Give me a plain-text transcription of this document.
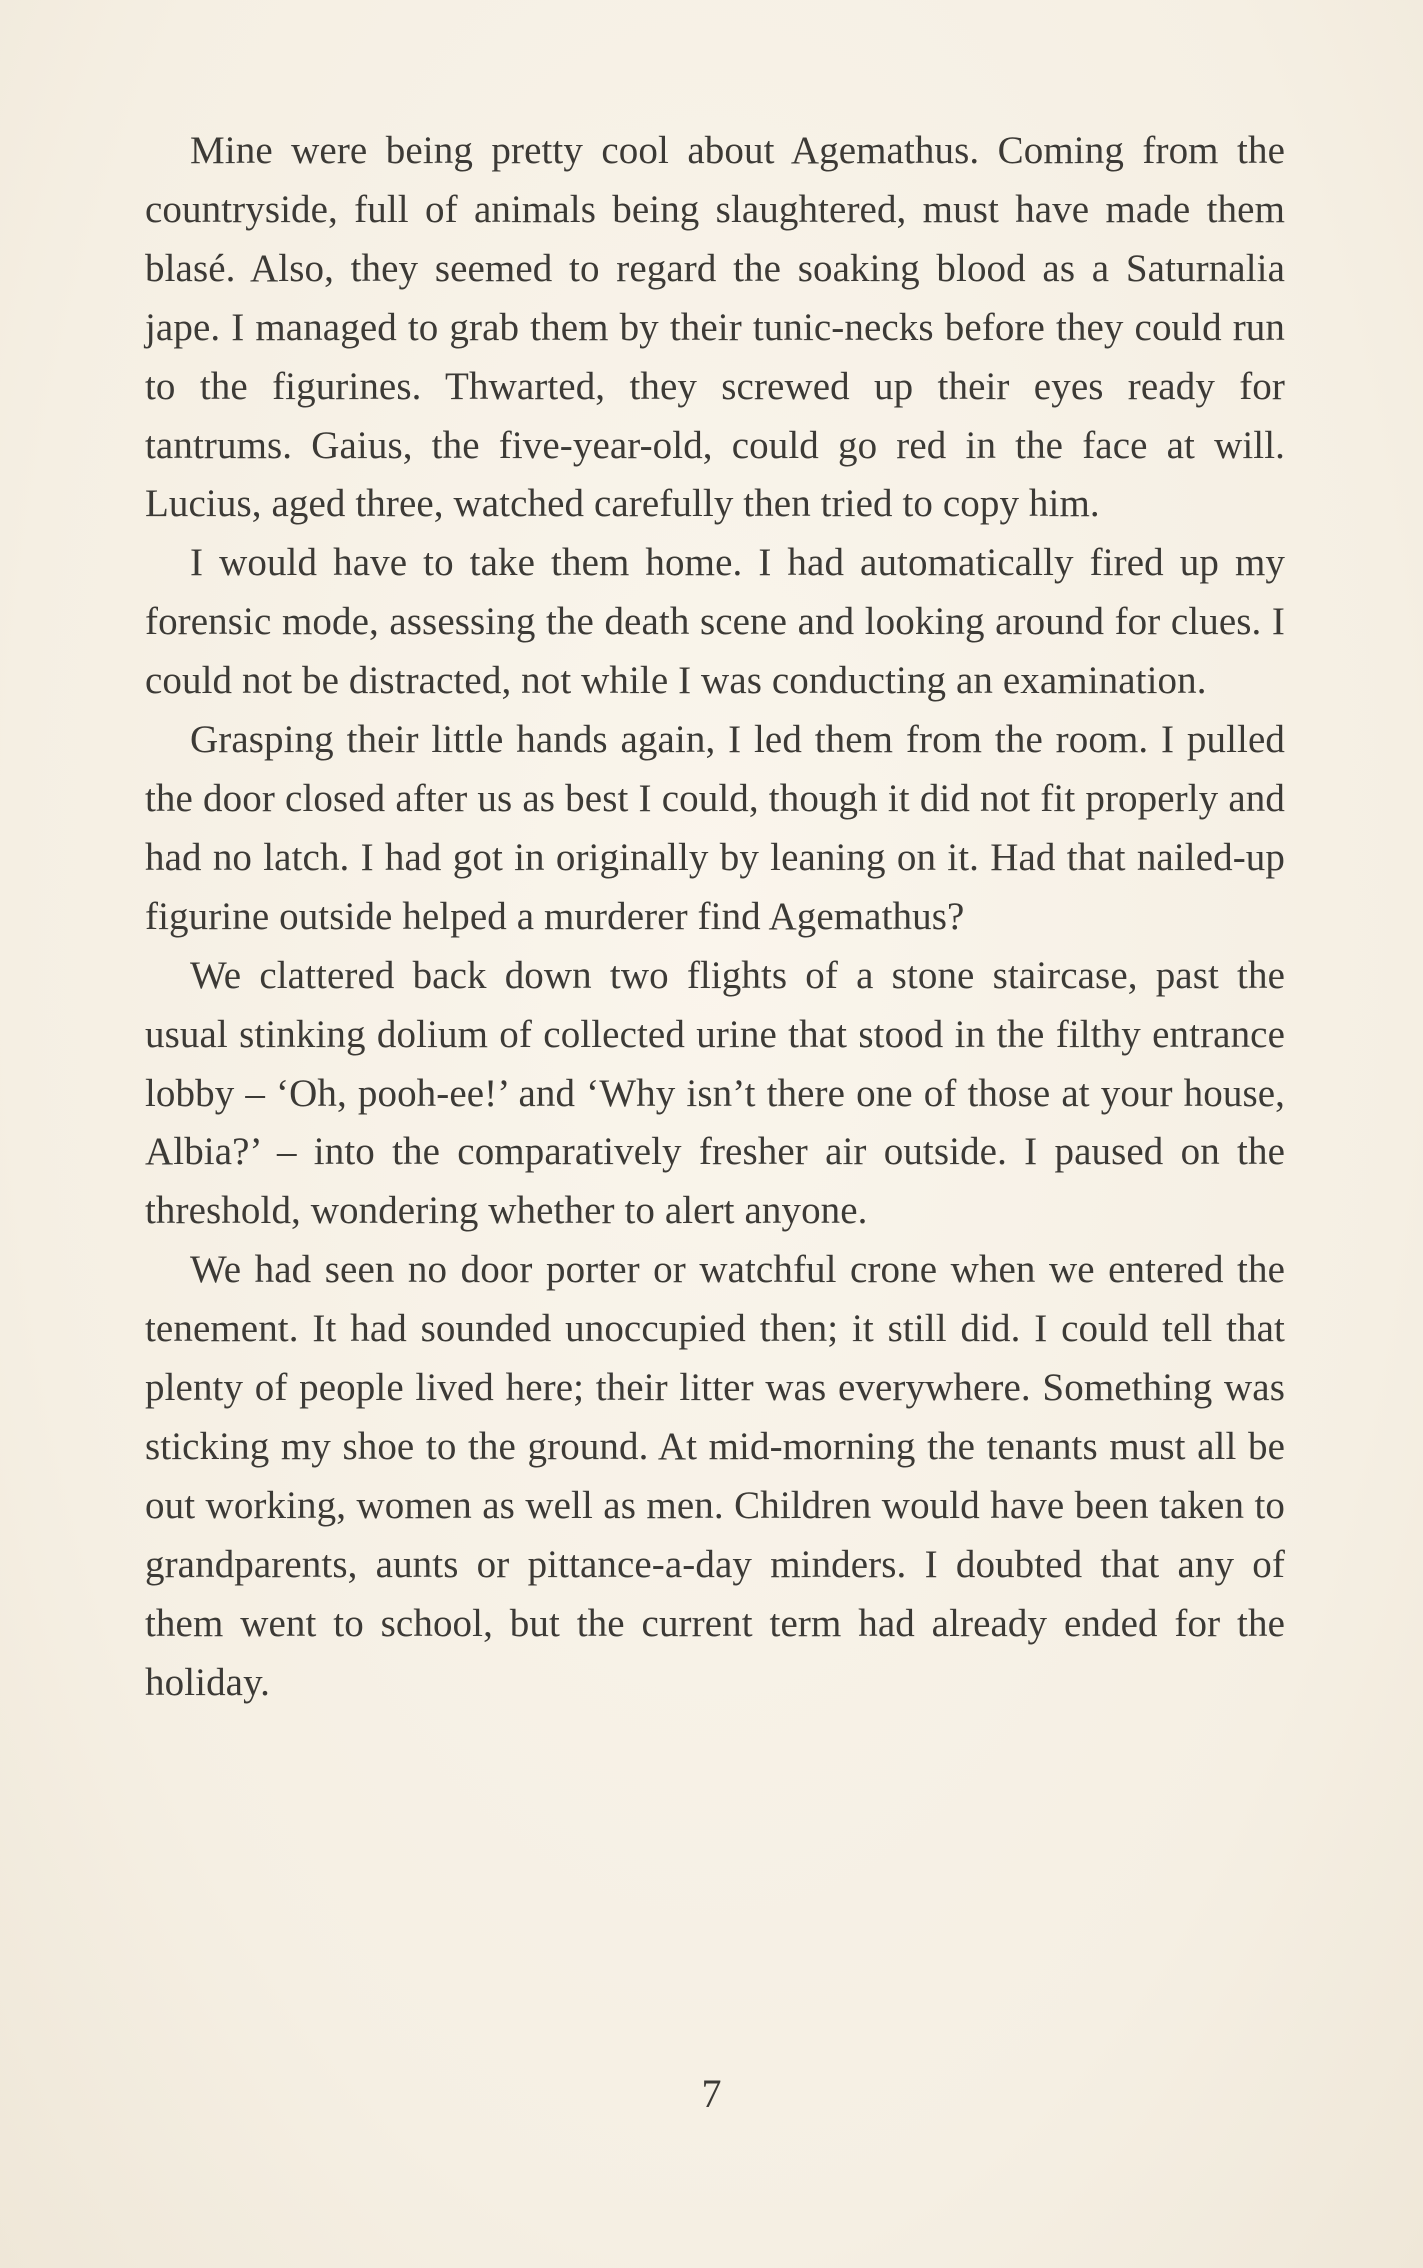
Mine were being pretty cool about Agemathus. Coming from the countryside, full of animals being slaughtered, must have made them blasé. Also, they seemed to regard the soaking blood as a Saturnalia jape. I managed to grab them by their tunic-necks before they could run to the figurines. Thwarted, they screwed up their eyes ready for tantrums. Gaius, the five-year-old, could go red in the face at will. Lucius, aged three, watched carefully then tried to copy him.

I would have to take them home. I had automatically fired up my forensic mode, assessing the death scene and looking around for clues. I could not be distracted, not while I was conducting an examination.

Grasping their little hands again, I led them from the room. I pulled the door closed after us as best I could, though it did not fit properly and had no latch. I had got in originally by leaning on it. Had that nailed-up figurine outside helped a murderer find Agemathus?

We clattered back down two flights of a stone staircase, past the usual stinking dolium of collected urine that stood in the filthy entrance lobby – ‘Oh, pooh-ee!’ and ‘Why isn’t there one of those at your house, Albia?’ – into the comparatively fresher air outside. I paused on the threshold, wondering whether to alert anyone.

We had seen no door porter or watchful crone when we entered the tenement. It had sounded unoccupied then; it still did. I could tell that plenty of people lived here; their litter was everywhere. Something was sticking my shoe to the ground. At mid-morning the tenants must all be out working, women as well as men. Children would have been taken to grandparents, aunts or pittance-a-day minders. I doubted that any of them went to school, but the current term had already ended for the holiday.

7
